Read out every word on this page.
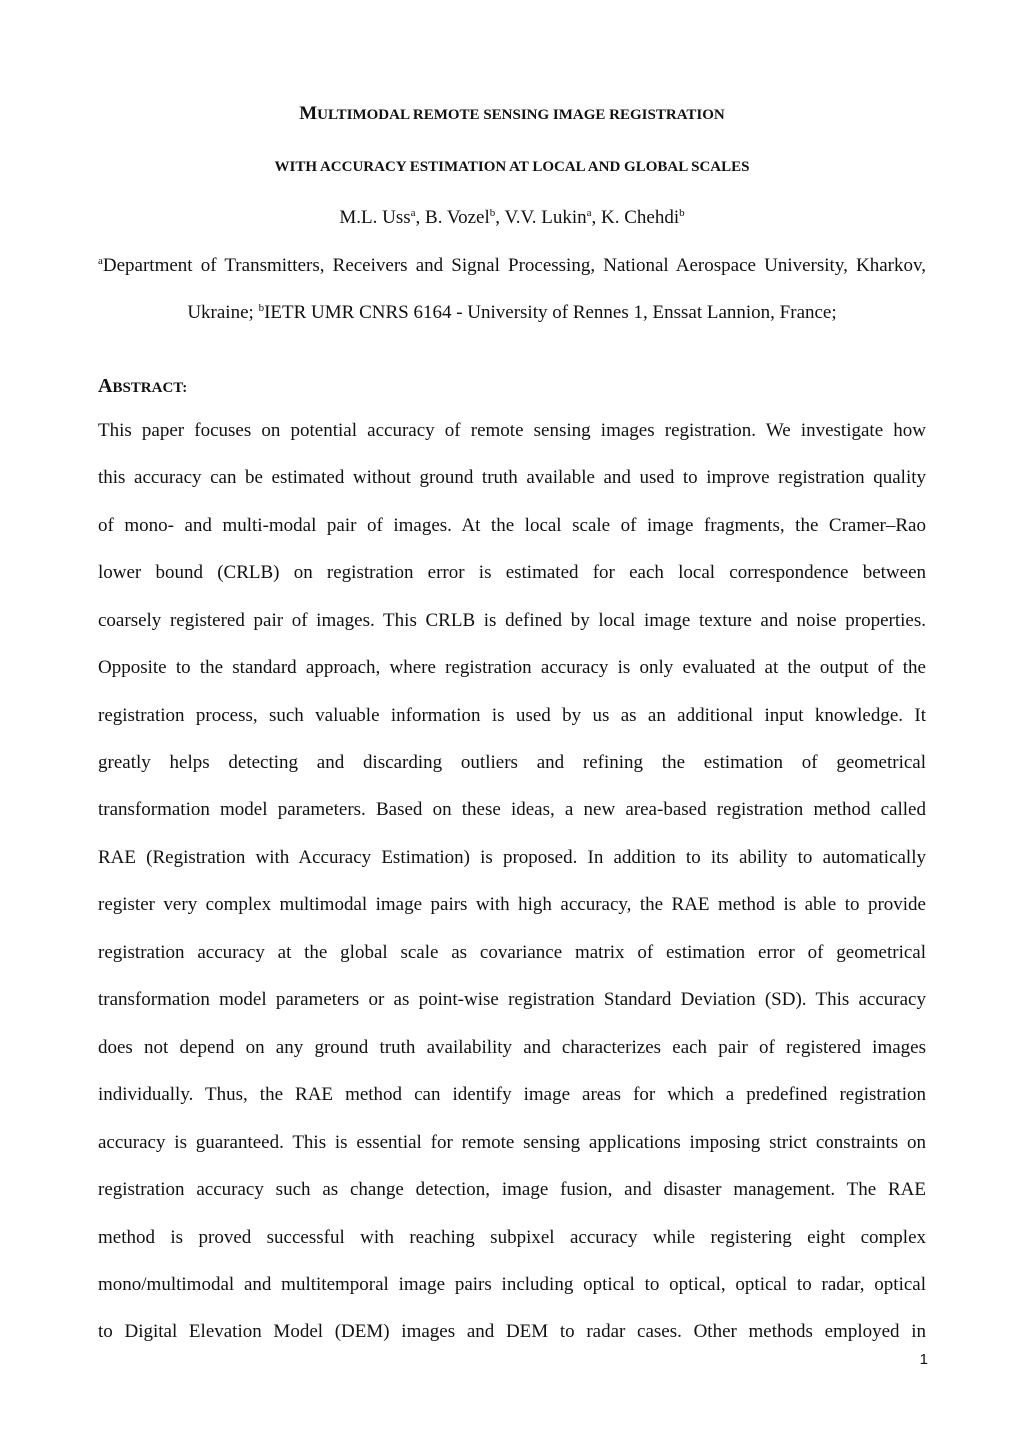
MULTIMODAL REMOTE SENSING IMAGE REGISTRATION
WITH ACCURACY ESTIMATION AT LOCAL AND GLOBAL SCALES
M.L. Uss$^a$, B. Vozel$^b$, V.V. Lukin$^a$, K. Chehdi$^b$
$^a$Department of Transmitters, Receivers and Signal Processing, National Aerospace University, Kharkov,
Ukraine; $^b$IETR UMR CNRS 6164 - University of Rennes 1, Enssat Lannion, France;
ABSTRACT:
This paper focuses on potential accuracy of remote sensing images registration. We investigate how
this accuracy can be estimated without ground truth available and used to improve registration quality
of mono- and multi-modal pair of images. At the local scale of image fragments, the Cramer–Rao
lower bound (CRLB) on registration error is estimated for each local correspondence between
coarsely registered pair of images. This CRLB is defined by local image texture and noise properties.
Opposite to the standard approach, where registration accuracy is only evaluated at the output of the
registration process, such valuable information is used by us as an additional input knowledge. It
greatly helps detecting and discarding outliers and refining the estimation of geometrical
transformation model parameters. Based on these ideas, a new area-based registration method called
RAE (Registration with Accuracy Estimation) is proposed. In addition to its ability to automatically
register very complex multimodal image pairs with high accuracy, the RAE method is able to provide
registration accuracy at the global scale as covariance matrix of estimation error of geometrical
transformation model parameters or as point-wise registration Standard Deviation (SD). This accuracy
does not depend on any ground truth availability and characterizes each pair of registered images
individually. Thus, the RAE method can identify image areas for which a predefined registration
accuracy is guaranteed. This is essential for remote sensing applications imposing strict constraints on
registration accuracy such as change detection, image fusion, and disaster management. The RAE
method is proved successful with reaching subpixel accuracy while registering eight complex
mono/multimodal and multitemporal image pairs including optical to optical, optical to radar, optical
to Digital Elevation Model (DEM) images and DEM to radar cases. Other methods employed in
1
